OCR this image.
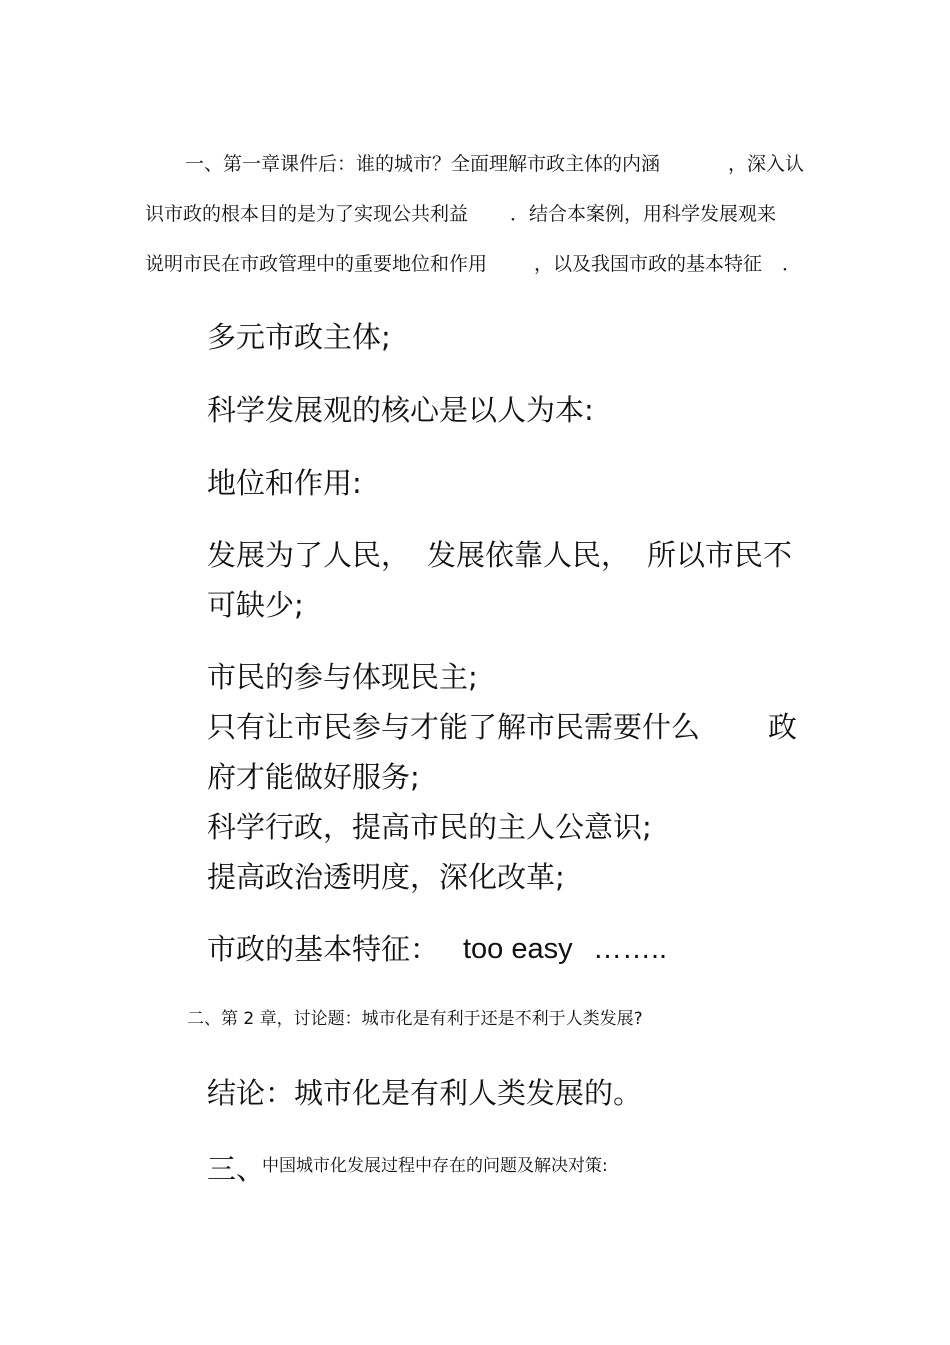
一、第一章课件后：谁的城市？全面理解市政主体的内涵	，深入认
识市政的根本目的是为了实现公共利益 ．结合本案例，用科学发展观来
说明市民在市政管理中的重要地位和作用 ，以及我国市政的基本特征 ．
多元市政主体;
科学发展观的核心是以人为本:
地位和作用:
发展为了人民， 发展依靠人民， 所以市民不
可缺少;
市民的参与体现民主;
只有让市民参与才能了解市民需要什么 政
府才能做好服务;
科学行政，提高市民的主人公意识;
提高政治透明度，深化改革;
市政的基本特征： too easy ……..
二、第 2 章，讨论题：城市化是有利于还是不利于人类发展?
结论：城市化是有利人类发展的。
三、
中国城市化发展过程中存在的问题及解决对策:
